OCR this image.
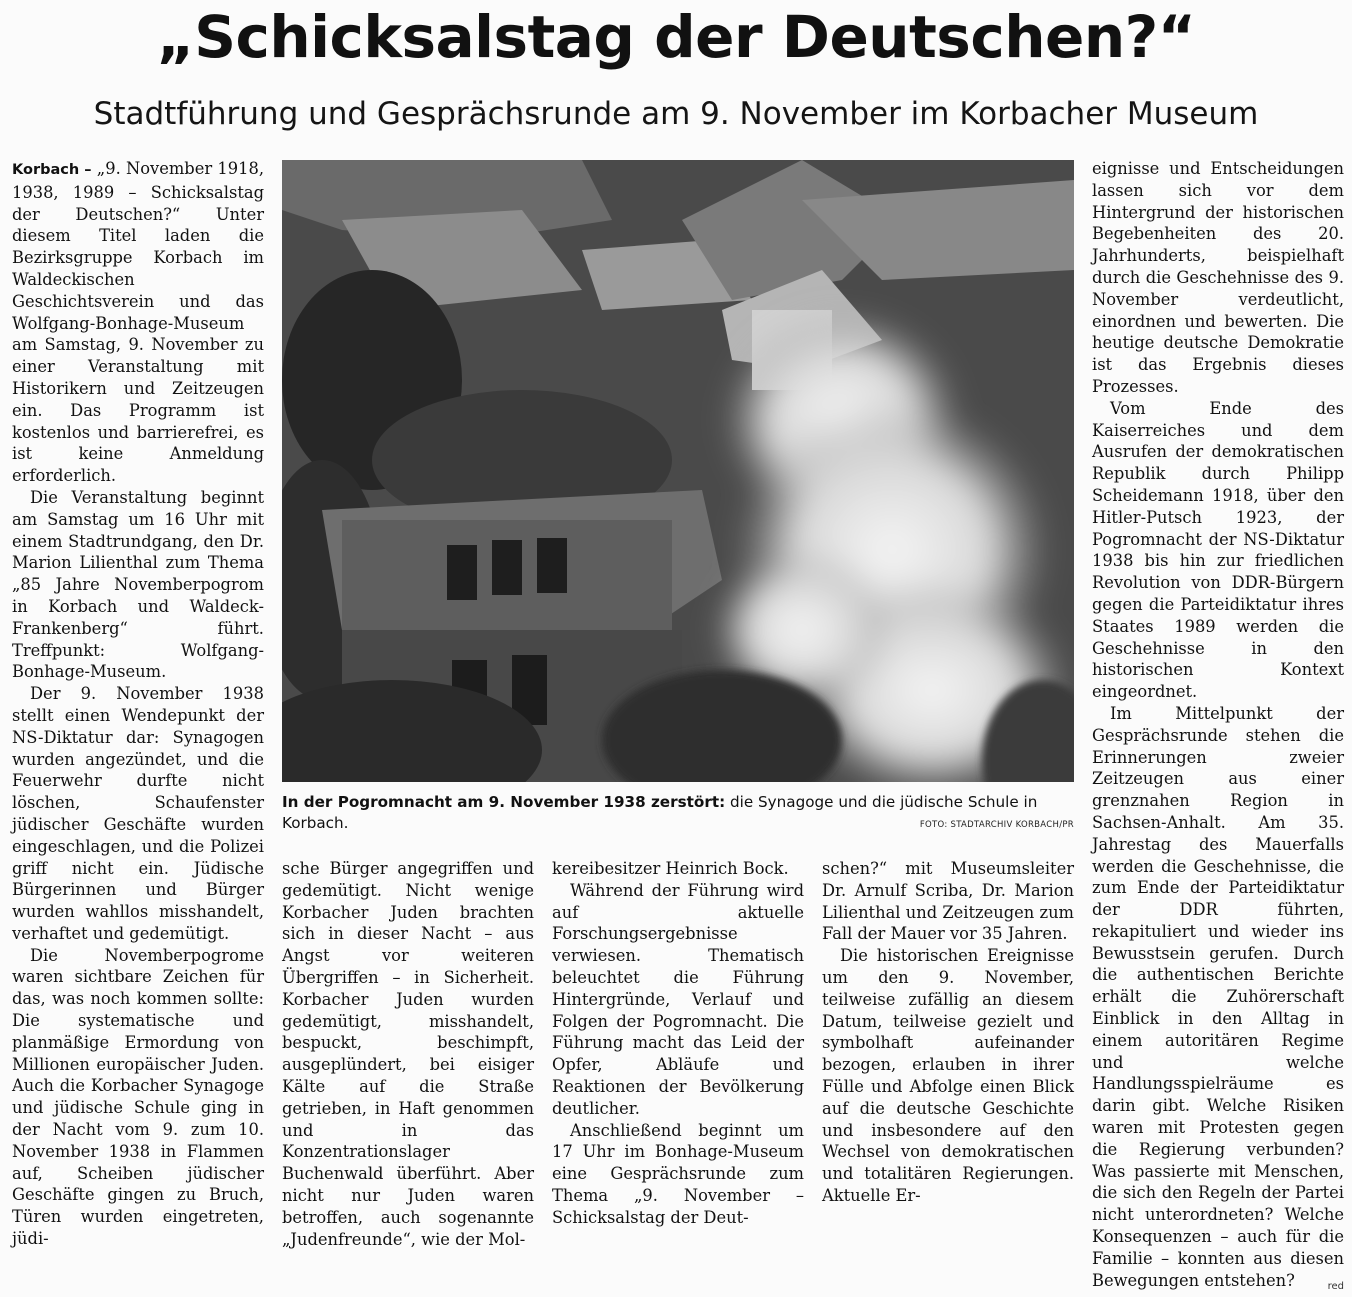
„Schicksalstag der Deutschen?“
Stadtführung und Gesprächsrunde am 9. November im Korbacher Museum

Korbach – „9. November 1918, 1938, 1989 – Schicksalstag der Deutschen?“ Unter diesem Titel laden die Bezirksgruppe Korbach im Waldeckischen Geschichtsverein und das Wolfgang-Bonhage-Museum am Samstag, 9. November zu einer Veranstaltung mit Historikern und Zeitzeugen ein. Das Programm ist kostenlos und barrierefrei, es ist keine Anmeldung erforderlich.

Die Veranstaltung beginnt am Samstag um 16 Uhr mit einem Stadtrundgang, den Dr. Marion Lilienthal zum Thema „85 Jahre Novemberpogrom in Korbach und Waldeck-Frankenberg“ führt. Treffpunkt: Wolfgang-Bonhage-Museum.

Der 9. November 1938 stellt einen Wendepunkt der NS-Diktatur dar: Synagogen wurden angezündet, und die Feuerwehr durfte nicht löschen, Schaufenster jüdischer Geschäfte wurden eingeschlagen, und die Polizei griff nicht ein. Jüdische Bürgerinnen und Bürger wurden wahllos misshandelt, verhaftet und gedemütigt.

Die Novemberpogrome waren sichtbare Zeichen für das, was noch kommen sollte: Die systematische und planmäßige Ermordung von Millionen europäischer Juden. Auch die Korbacher Synagoge und jüdische Schule ging in der Nacht vom 9. zum 10. November 1938 in Flammen auf, Scheiben jüdischer Geschäfte gingen zu Bruch, Türen wurden eingetreten, jüdi-

In der Pogromnacht am 9. November 1938 zerstört: die Synagoge und die jüdische Schule in Korbach.	FOTO: STADTARCHIV KORBACH/PR

sche Bürger angegriffen und gedemütigt. Nicht wenige Korbacher Juden brachten sich in dieser Nacht – aus Angst vor weiteren Übergriffen – in Sicherheit. Korbacher Juden wurden gedemütigt, misshandelt, bespuckt, beschimpft, ausgeplündert, bei eisiger Kälte auf die Straße getrieben, in Haft genommen und in das Konzentrationslager Buchenwald überführt. Aber nicht nur Juden waren betroffen, auch sogenannte „Judenfreunde“, wie der Mol-

kereibesitzer Heinrich Bock.

Während der Führung wird auf aktuelle Forschungsergebnisse verwiesen. Thematisch beleuchtet die Führung Hintergründe, Verlauf und Folgen der Pogromnacht. Die Führung macht das Leid der Opfer, Abläufe und Reaktionen der Bevölkerung deutlicher.

Anschließend beginnt um 17 Uhr im Bonhage-Museum eine Gesprächsrunde zum Thema „9. November – Schicksalstag der Deut-

schen?“ mit Museumsleiter Dr. Arnulf Scriba, Dr. Marion Lilienthal und Zeitzeugen zum Fall der Mauer vor 35 Jahren.

Die historischen Ereignisse um den 9. November, teilweise zufällig an diesem Datum, teilweise gezielt und symbolhaft aufeinander bezogen, erlauben in ihrer Fülle und Abfolge einen Blick auf die deutsche Geschichte und insbesondere auf den Wechsel von demokratischen und totalitären Regierungen. Aktuelle Er-

eignisse und Entscheidungen lassen sich vor dem Hintergrund der historischen Begebenheiten des 20. Jahrhunderts, beispielhaft durch die Geschehnisse des 9. November verdeutlicht, einordnen und bewerten. Die heutige deutsche Demokratie ist das Ergebnis dieses Prozesses.

Vom Ende des Kaiserreiches und dem Ausrufen der demokratischen Republik durch Philipp Scheidemann 1918, über den Hitler-Putsch 1923, der Pogromnacht der NS-Diktatur 1938 bis hin zur friedlichen Revolution von DDR-Bürgern gegen die Parteidiktatur ihres Staates 1989 werden die Geschehnisse in den historischen Kontext eingeordnet.

Im Mittelpunkt der Gesprächsrunde stehen die Erinnerungen zweier Zeitzeugen aus einer grenznahen Region in Sachsen-Anhalt. Am 35. Jahrestag des Mauerfalls werden die Geschehnisse, die zum Ende der Parteidiktatur der DDR führten, rekapituliert und wieder ins Bewusstsein gerufen. Durch die authentischen Berichte erhält die Zuhörerschaft Einblick in den Alltag in einem autoritären Regime und welche Handlungsspielräume es darin gibt. Welche Risiken waren mit Protesten gegen die Regierung verbunden? Was passierte mit Menschen, die sich den Regeln der Partei nicht unterordneten? Welche Konsequenzen – auch für die Familie – konnten aus diesen Bewegungen entstehen?	red
